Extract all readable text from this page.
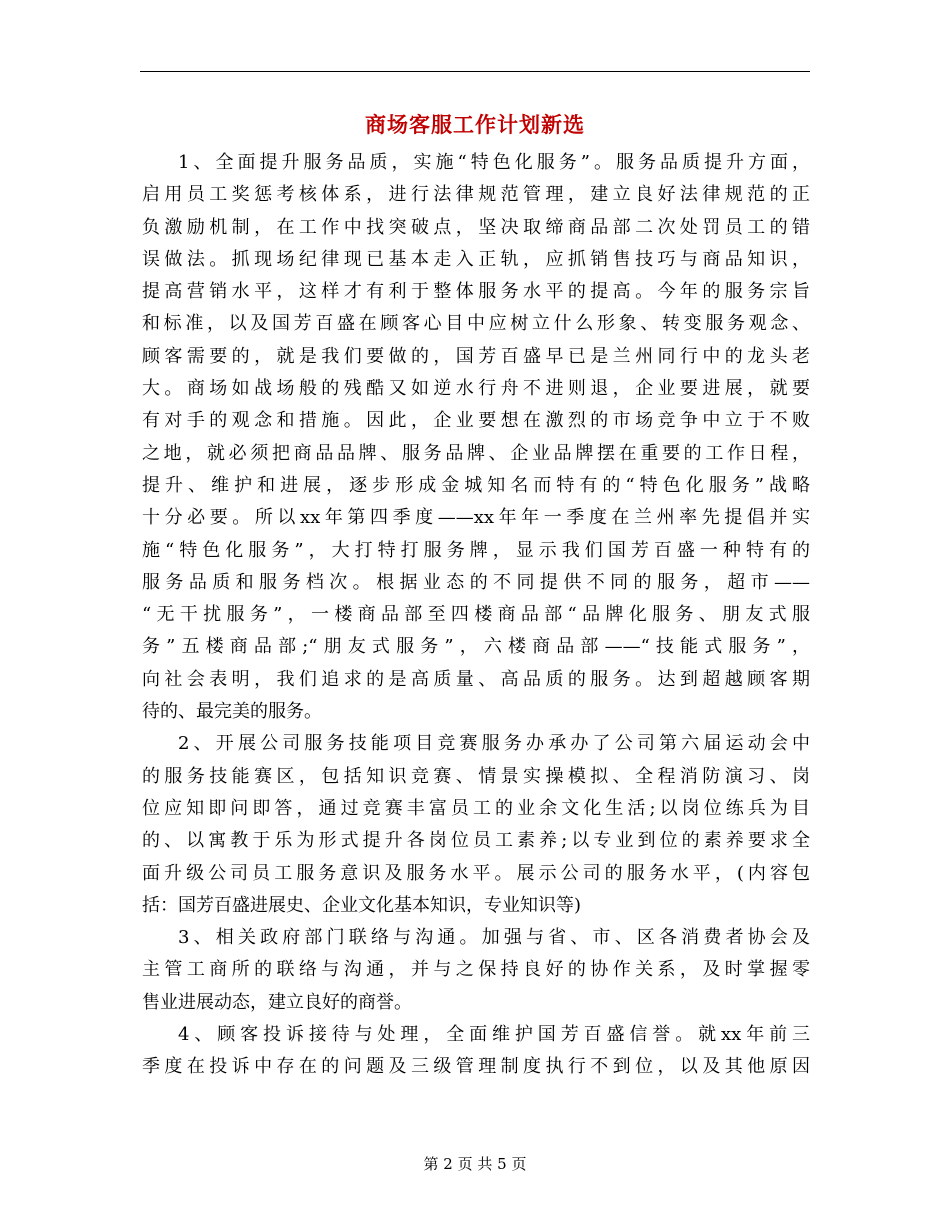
商场客服工作计划新选
1、全面提升服务品质，实施“特色化服务”。服务品质提升方面，
启用员工奖惩考核体系，进行法律规范管理，建立良好法律规范的正
负激励机制，在工作中找突破点，坚决取缔商品部二次处罚员工的错
误做法。抓现场纪律现已基本走入正轨，应抓销售技巧与商品知识，
提高营销水平，这样才有利于整体服务水平的提高。今年的服务宗旨
和标准，以及国芳百盛在顾客心目中应树立什么形象、转变服务观念、
顾客需要的，就是我们要做的，国芳百盛早已是兰州同行中的龙头老
大。商场如战场般的残酷又如逆水行舟不进则退，企业要进展，就要
有对手的观念和措施。因此，企业要想在激烈的市场竞争中立于不败
之地，就必须把商品品牌、服务品牌、企业品牌摆在重要的工作日程，
提升、维护和进展，逐步形成金城知名而特有的“特色化服务”战略
十分必要。所以xx年第四季度——xx年年一季度在兰州率先提倡并实
施“特色化服务”，大打特打服务牌，显示我们国芳百盛一种特有的
服务品质和服务档次。根据业态的不同提供不同的服务，超市——
“无干扰服务”，一楼商品部至四楼商品部“品牌化服务、朋友式服
务”五楼商品部;“朋友式服务”，六楼商品部——“技能式服务”，
向社会表明，我们追求的是高质量、高品质的服务。达到超越顾客期
待的、最完美的服务。
2、开展公司服务技能项目竞赛服务办承办了公司第六届运动会中
的服务技能赛区，包括知识竞赛、情景实操模拟、全程消防演习、岗
位应知即问即答，通过竞赛丰富员工的业余文化生活;以岗位练兵为目
的、以寓教于乐为形式提升各岗位员工素养;以专业到位的素养要求全
面升级公司员工服务意识及服务水平。展示公司的服务水平，(内容包
括：国芳百盛进展史、企业文化基本知识，专业知识等)
3、相关政府部门联络与沟通。加强与省、市、区各消费者协会及
主管工商所的联络与沟通，并与之保持良好的协作关系，及时掌握零
售业进展动态，建立良好的商誉。
4、顾客投诉接待与处理，全面维护国芳百盛信誉。就xx年前三
季度在投诉中存在的问题及三级管理制度执行不到位，以及其他原因
第 2 页 共 5 页
